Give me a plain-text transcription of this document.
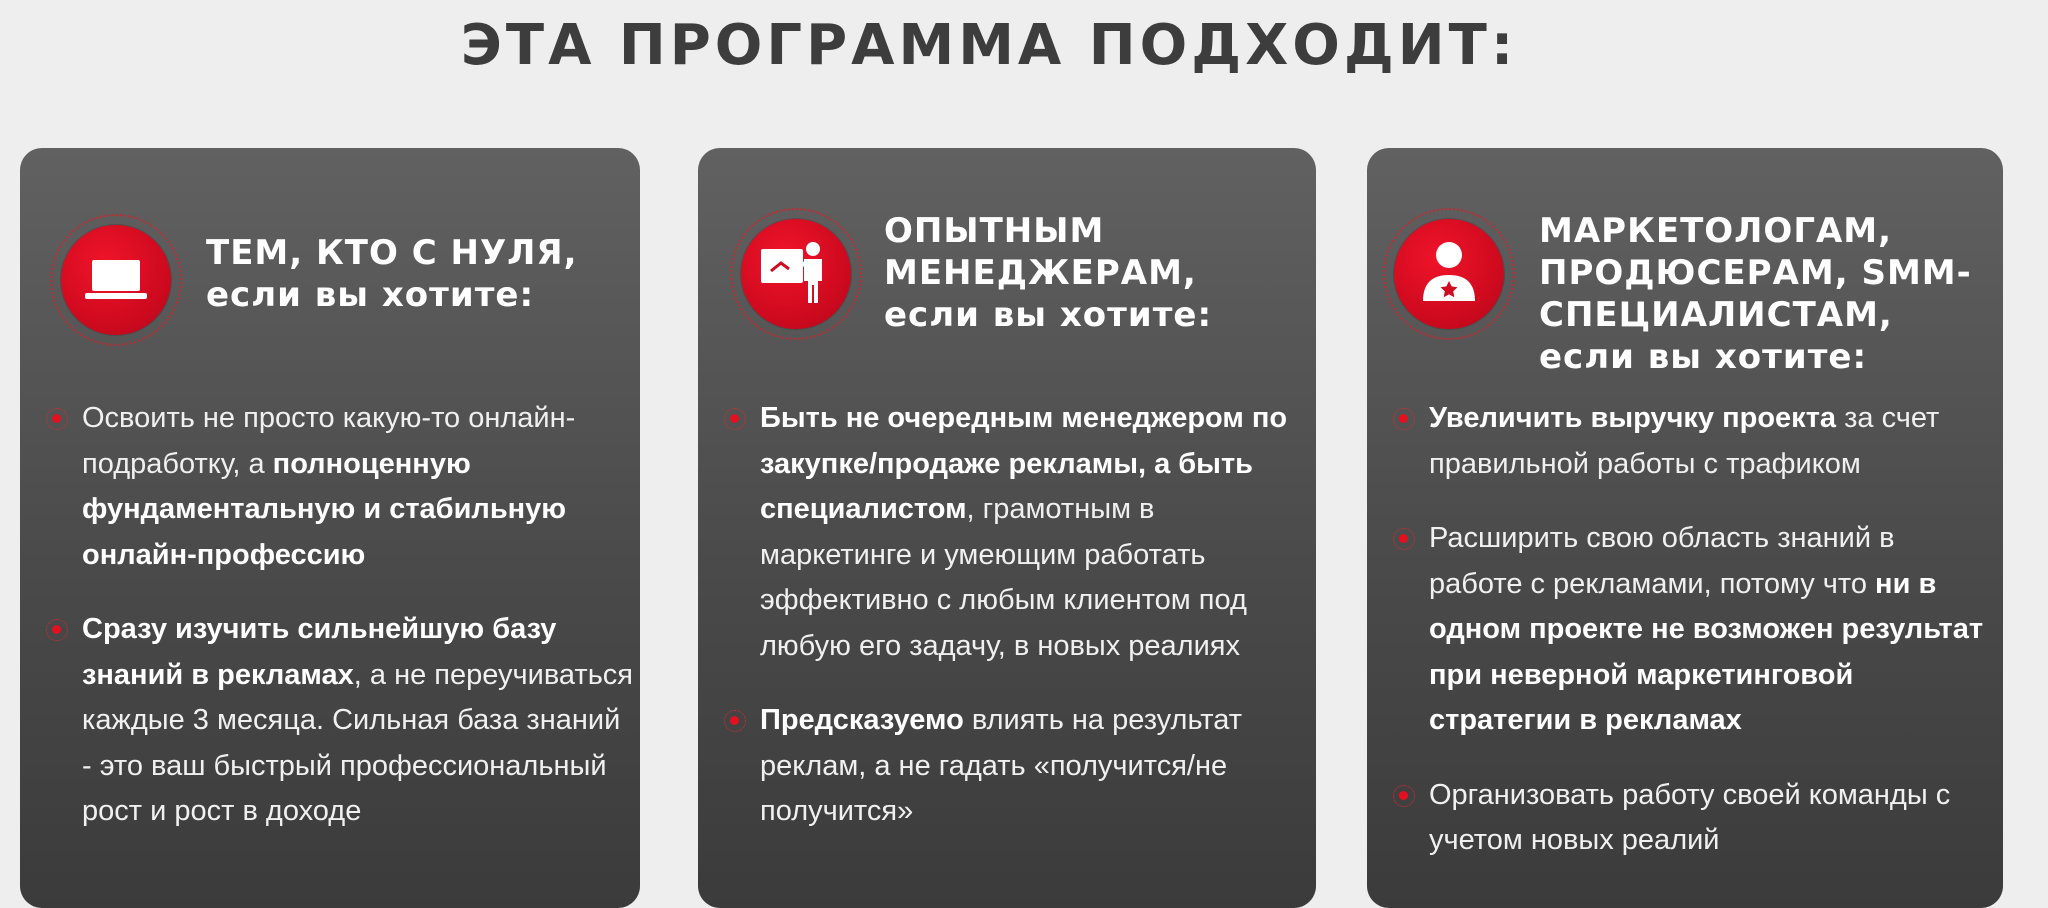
ЭТА ПРОГРАММА ПОДХОДИТ:
ТЕМ, КТО С НУЛЯ,
если вы хотите:
Освоить не просто какую-то онлайн-подработку, а полноценную фундаментальную и стабильную онлайн-профессию
Сразу изучить сильнейшую базу знаний в рекламах, а не переучиваться каждые 3 месяца. Сильная база знаний - это ваш быстрый профессиональный рост и рост в доходе
ОПЫТНЫМ
МЕНЕДЖЕРАМ,
если вы хотите:
Быть не очередным менеджером по закупке/продаже рекламы, а быть специалистом, грамотным в маркетинге и умеющим работать эффективно с любым клиентом под любую его задачу, в новых реалиях
Предсказуемо влиять на результат реклам, а не гадать «получится/не получится»
МАРКЕТОЛОГАМ,
ПРОДЮСЕРАМ, SMM-
СПЕЦИАЛИСТАМ,
если вы хотите:
Увеличить выручку проекта за счет правильной работы с трафиком
Расширить свою область знаний в работе с рекламами, потому что ни в одном проекте не возможен результат при неверной маркетинговой стратегии в рекламах
Организовать работу своей команды с учетом новых реалий
